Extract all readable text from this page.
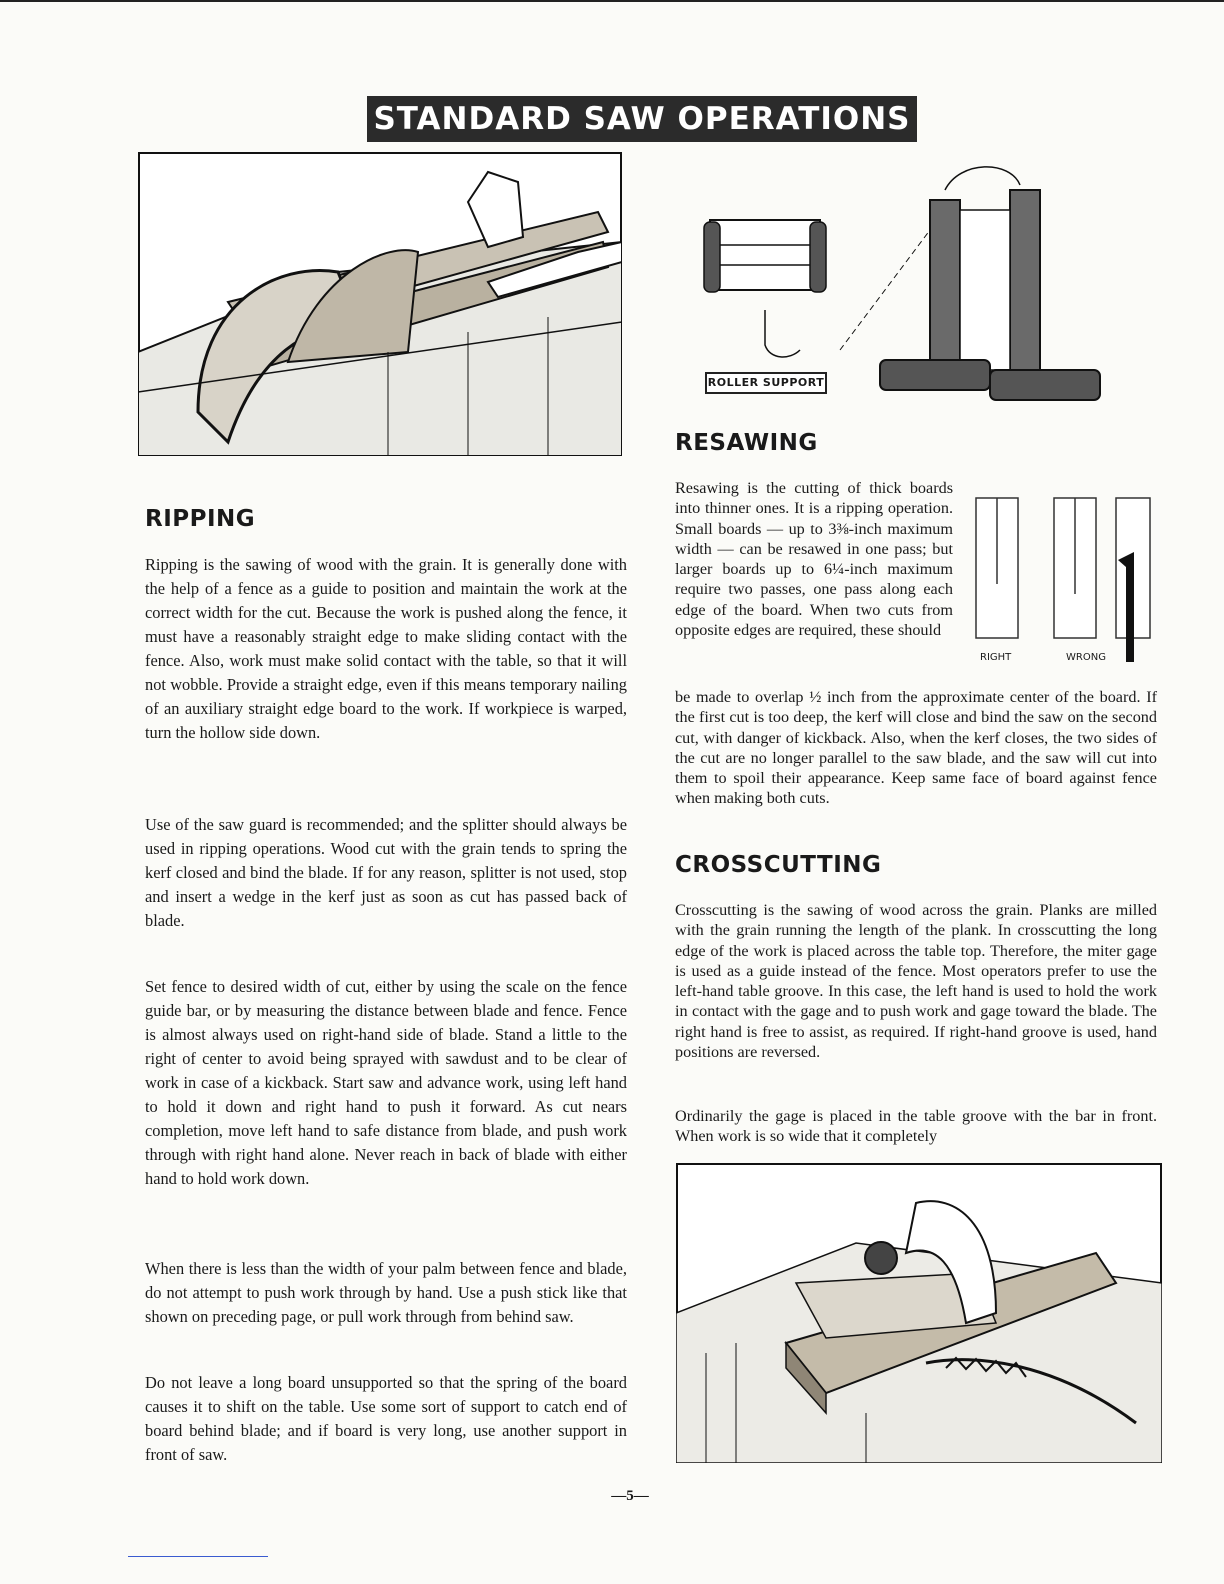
STANDARD SAW OPERATIONS
ROLLER SUPPORT
RESAWING
RIGHT	WRONG

Resawing is the cutting of thick boards into thinner ones. It is a ripping operation. Small boards — up to 3⅜-inch maximum width — can be resawed in one pass; but larger boards up to 6¼-inch maximum require two passes, one pass along each edge of the board. When two cuts from opposite edges are required, these should

be made to overlap ½ inch from the approximate center of the board. If the first cut is too deep, the kerf will close and bind the saw on the second cut, with danger of kickback. Also, when the kerf closes, the two sides of the cut are no longer parallel to the saw blade, and the saw will cut into them to spoil their appearance. Keep same face of board against fence when making both cuts.

RIPPING

Ripping is the sawing of wood with the grain. It is generally done with the help of a fence as a guide to position and maintain the work at the correct width for the cut. Because the work is pushed along the fence, it must have a reasonably straight edge to make sliding contact with the fence. Also, work must make solid contact with the table, so that it will not wobble. Provide a straight edge, even if this means temporary nailing of an auxiliary straight edge board to the work. If workpiece is warped, turn the hollow side down.

Use of the saw guard is recommended; and the splitter should always be used in ripping operations. Wood cut with the grain tends to spring the kerf closed and bind the blade. If for any reason, splitter is not used, stop and insert a wedge in the kerf just as soon as cut has passed back of blade.

Set fence to desired width of cut, either by using the scale on the fence guide bar, or by measuring the distance between blade and fence. Fence is almost always used on right-hand side of blade. Stand a little to the right of center to avoid being sprayed with sawdust and to be clear of work in case of a kickback. Start saw and advance work, using left hand to hold it down and right hand to push it forward. As cut nears completion, move left hand to safe distance from blade, and push work through with right hand alone. Never reach in back of blade with either hand to hold work down.

When there is less than the width of your palm between fence and blade, do not attempt to push work through by hand. Use a push stick like that shown on preceding page, or pull work through from behind saw.

Do not leave a long board unsupported so that the spring of the board causes it to shift on the table. Use some sort of support to catch end of board behind blade; and if board is very long, use another support in front of saw.

CROSSCUTTING

Crosscutting is the sawing of wood across the grain. Planks are milled with the grain running the length of the plank. In crosscutting the long edge of the work is placed across the table top. Therefore, the miter gage is used as a guide instead of the fence. Most operators prefer to use the left-hand table groove. In this case, the left hand is used to hold the work in contact with the gage and to push work and gage toward the blade. The right hand is free to assist, as required. If right-hand groove is used, hand positions are reversed.

Ordinarily the gage is placed in the table groove with the bar in front. When work is so wide that it completely

—5—
